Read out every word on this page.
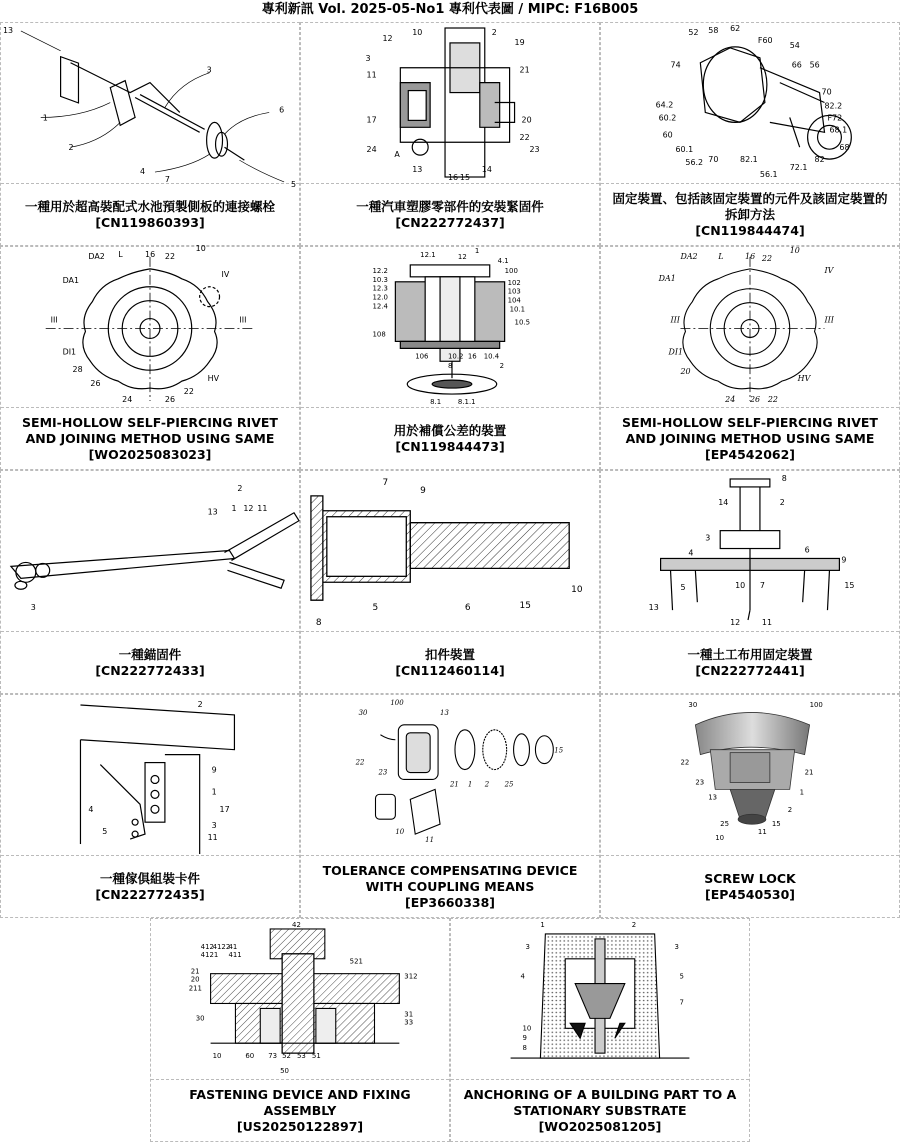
專利新訊 Vol. 2025-05-No1 專利代表圖 / MIPC: F16B005
13
1
2
3
4
6
5
7
一種用於超高裝配式水池預製側板的連接螺栓
[CN119860393]
12
10	2
19
21
3
11
17
24
A
13
16 15
14
20
22
23
一種汽車塑膠零部件的安裝緊固件
[CN222772437]
52 58 62
F60
54
74	66 56
70
64.2
60.2
82.2
F72
68.1
60
60.1
56.2 70	82.1
56.1
72.1
82
68
固定裝置、包括該固定裝置的元件及該固定裝置的拆卸方法
[CN119844474]
DA2 L	16 22
10
IV
DA1
III	III
DI1
28
26
24	26
22
HV
SEMI-HOLLOW SELF-PIERCING RIVET AND JOINING METHOD USING SAME
[WO2025083023]
12.1	1
12	4.1
100
12.2
10.3
12.3
12.0
12.4
102
103
104
10.1
10.5
108
106	10.2 16 10.4
8	2
8.1 8.1.1
用於補償公差的裝置
[CN119844473]
DA2	L	16 22
10
IV
DA1
III	III
DI1
20
24 26 22
HV
SEMI-HOLLOW SELF-PIERCING RIVET AND JOINING METHOD USING SAME
[EP4542062]
2
1 12 11
13
3
一種錨固件
[CN222772433]
7
9
8
5	6	15
10
扣件裝置
[CN112460114]
8
14	2
3
4	6
9
13
5	10 7	15
12	11
一種土工布用固定裝置
[CN222772441]
2
9
1
4	17
5
3
11
一種傢俱組裝卡件
[CN222772435]
30
100
22
23
13
21 1 2 25
10
11
15
TOLERANCE COMPENSATING DEVICE WITH COUPLING MEANS
[EP3660338]
30	100
22
23
13
21
1
2
25
10
11
15
SCREW LOCK
[EP4540530]
42
412
4122
4121
41
411
521
21
20
211
312
30	31
33
10	60 73 52 53 51
50
FASTENING DEVICE AND FIXING ASSEMBLY
[US20250122897]
1	2
3	3
4	5
7
10
9
8
ANCHORING OF A BUILDING PART TO A STATIONARY SUBSTRATE
[WO2025081205]
